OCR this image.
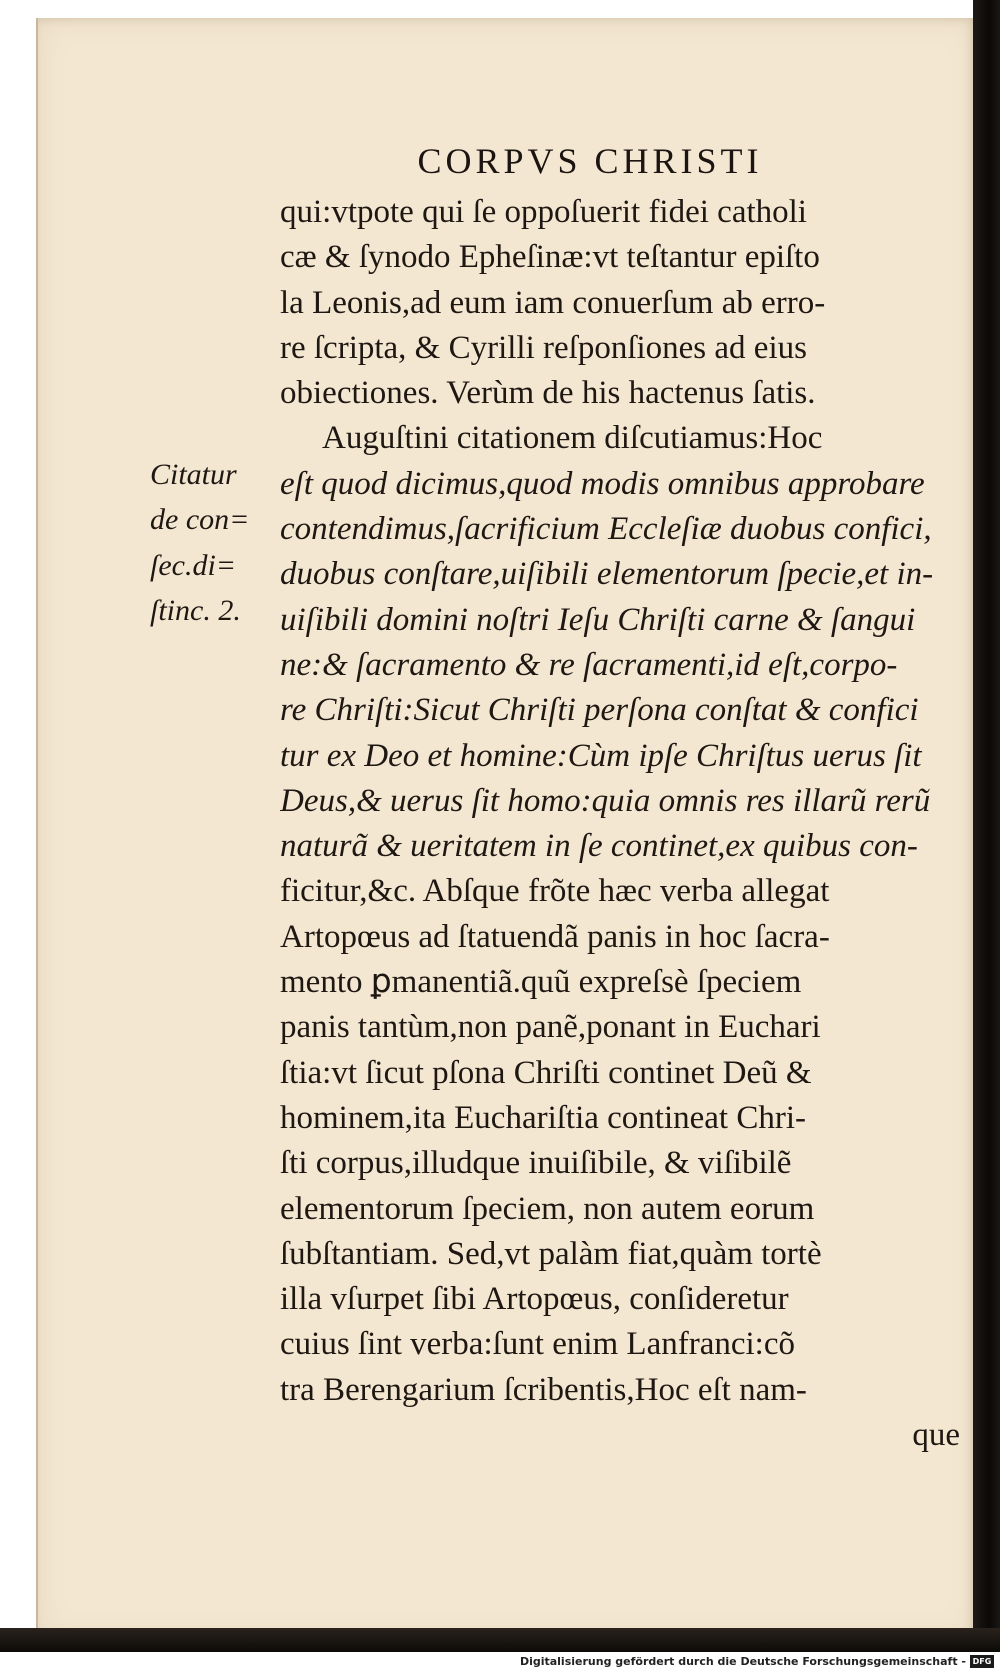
CORPVS CHRISTI
Citatur
de con=
ſec.di=
ſtinc. 2.
qui:vtpote qui ſe oppoſuerit fidei catholi
cæ & ſynodo Epheſinæ:vt teſtantur epiſto
la Leonis,ad eum iam conuerſum ab erro-
re ſcripta, & Cyrilli reſponſiones ad eius
obiectiones. Verùm de his hactenus ſatis.
Auguſtini citationem diſcutiamus:Hoc
eſt quod dicimus,quod modis omnibus approbare
contendimus,ſacrificium Eccleſiæ duobus confici,
duobus conſtare,uiſibili elementorum ſpecie,et in-
uiſibili domini noſtri Ieſu Chriſti carne & ſangui
ne:& ſacramento & re ſacramenti,id eſt,corpo-
re Chriſti:Sicut Chriſti perſona conſtat & confici
tur ex Deo et homine:Cùm ipſe Chriſtus uerus ſit
Deus,& uerus ſit homo:quia omnis res illarũ rerũ
naturã & ueritatem in ſe continet,ex quibus con-
ficitur,&c. Abſque frõte hæc verba allegat
Artopœus ad ſtatuendã panis in hoc ſacra-
mento ꝑmanentiã.quũ expreſsè ſpeciem
panis tantùm,non panẽ,ponant in Euchari
ſtia:vt ſicut pſona Chriſti continet Deũ &
hominem,ita Euchariſtia contineat Chri-
ſti corpus,illudque inuiſibile, & viſibilẽ
elementorum ſpeciem, non autem eorum
ſubſtantiam. Sed,vt palàm fiat,quàm tortè
illa vſurpet ſibi Artopœus, conſideretur
cuius ſint verba:ſunt enim Lanfranci:cõ
tra Berengarium ſcribentis,Hoc eſt nam-
que
Digitalisierung gefördert durch die Deutsche Forschungsgemeinschaft - DFG
